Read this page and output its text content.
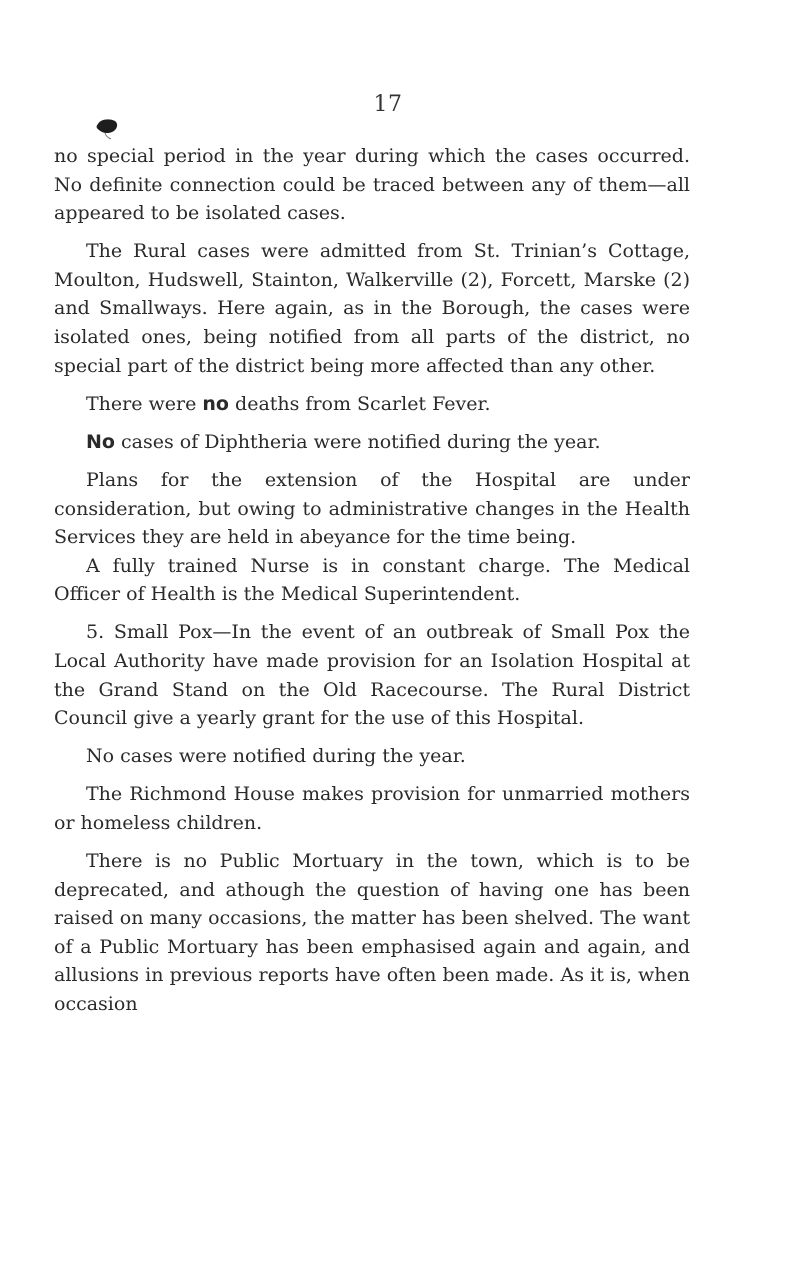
17

no special period in the year during which the cases occurred. No definite connection could be traced between any of them—all appeared to be isolated cases.

The Rural cases were admitted from St. Trinian’s Cottage, Moulton, Hudswell, Stainton, Walkerville (2), Forcett, Marske (2) and Smallways. Here again, as in the Borough, the cases were isolated ones, being notified from all parts of the district, no special part of the district being more affected than any other.

There were no deaths from Scarlet Fever.

No cases of Diphtheria were notified during the year.

Plans for the extension of the Hospital are under consideration, but owing to administrative changes in the Health Services they are held in abeyance for the time being.

A fully trained Nurse is in constant charge. The Medical Officer of Health is the Medical Superintendent.

5. Small Pox—In the event of an outbreak of Small Pox the Local Authority have made provision for an Isolation Hospital at the Grand Stand on the Old Racecourse. The Rural District Council give a yearly grant for the use of this Hospital.

No cases were notified during the year.

The Richmond House makes provision for unmarried mothers or homeless children.

There is no Public Mortuary in the town, which is to be deprecated, and athough the question of having one has been raised on many occasions, the matter has been shelved. The want of a Public Mortuary has been emphasised again and again, and allusions in previous reports have often been made. As it is, when occasion
